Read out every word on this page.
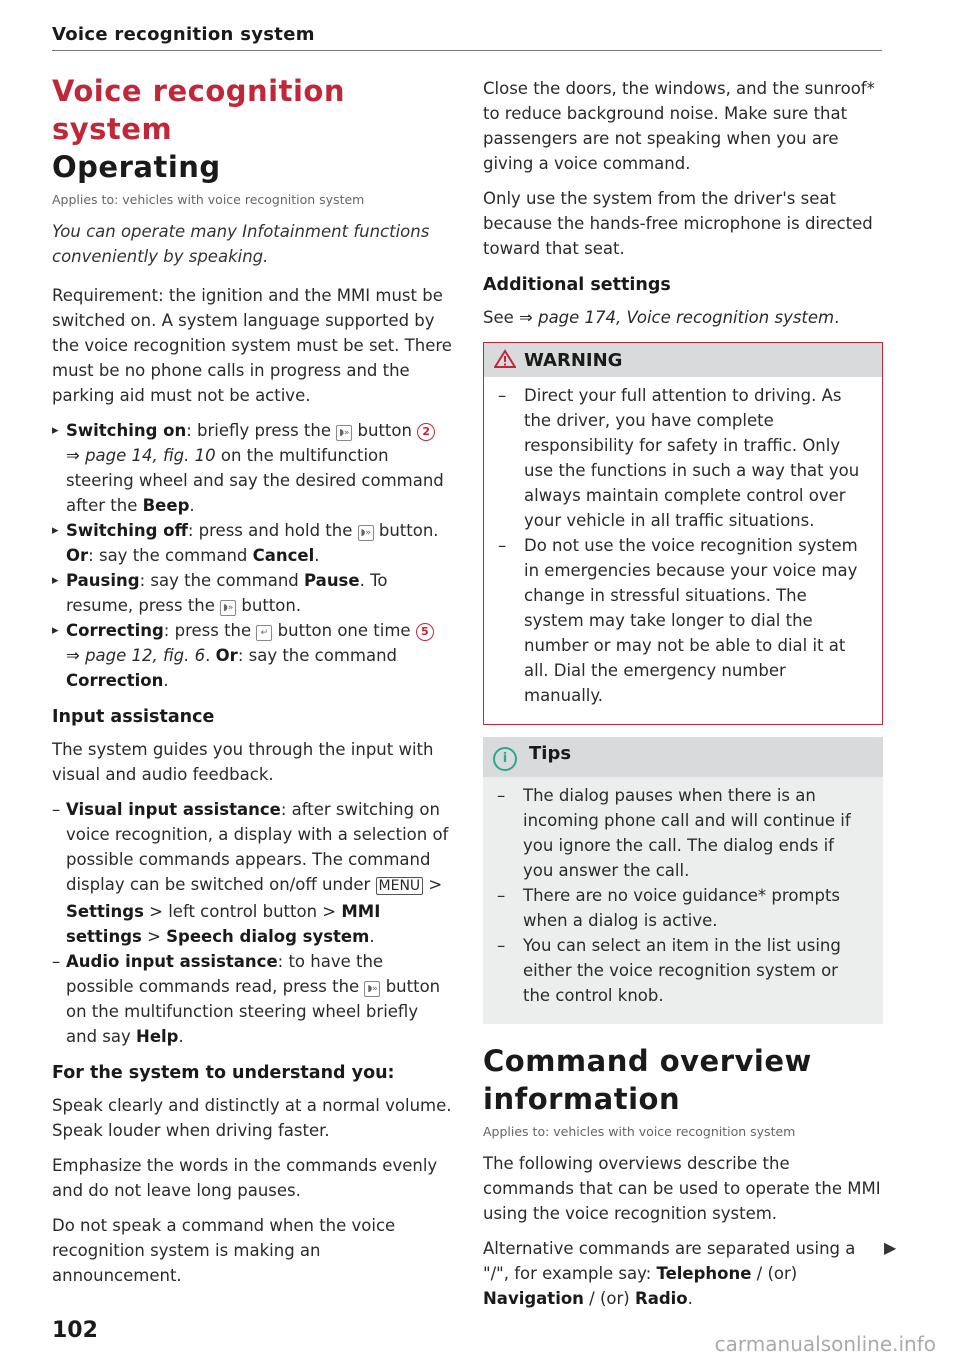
Voice recognition system
Voice recognition system
Operating
Applies to: vehicles with voice recognition system
You can operate many Infotainment functions conveniently by speaking.

Requirement: the ignition and the MMI must be switched on. A system language supported by the voice recognition system must be set. There must be no phone calls in progress and the parking aid must not be active.

▸ Switching on: briefly press the ◗» button 2 ⇒ page 14, fig. 10 on the multifunction steering wheel and say the desired command after the Beep.
▸ Switching off: press and hold the ◗» button.
Or: say the command Cancel.
▸ Pausing: say the command Pause. To resume, press the ◗» button.
▸ Correcting: press the ↵ button one time 5 ⇒ page 12, fig. 6. Or: say the command Correction.
Input assistance

The system guides you through the input with visual and audio feedback.

– Visual input assistance: after switching on voice recognition, a display with a selection of possible commands appears. The command display can be switched on/off under MENU > Settings > left control button > MMI settings > Speech dialog system.
– Audio input assistance: to have the possible commands read, press the ◗» button on the multifunction steering wheel briefly and say Help.
For the system to understand you:

Speak clearly and distinctly at a normal volume. Speak louder when driving faster.

Emphasize the words in the commands evenly and do not leave long pauses.

Do not speak a command when the voice recognition system is making an announcement.

Close the doors, the windows, and the sunroof* to reduce background noise. Make sure that passengers are not speaking when you are giving a voice command.

Only use the system from the driver's seat because the hands-free microphone is directed toward that seat.

Additional settings

See ⇒ page 174, Voice recognition system.

WARNING
– Direct your full attention to driving. As the driver, you have complete responsibility for safety in traffic. Only use the functions in such a way that you always maintain complete control over your vehicle in all traffic situations.
– Do not use the voice recognition system in emergencies because your voice may change in stressful situations. The system may take longer to dial the number or may not be able to dial it at all. Dial the emergency number manually.
i Tips
– The dialog pauses when there is an incoming phone call and will continue if you ignore the call. The dialog ends if you answer the call.
– There are no voice guidance* prompts when a dialog is active.
– You can select an item in the list using either the voice recognition system or the control knob.
Command overview information
Applies to: vehicles with voice recognition system

The following overviews describe the commands that can be used to operate the MMI using the voice recognition system.

Alternative commands are separated using a "/", for example say: Telephone / (or) Navigation / (or) Radio.

▶
102
carmanualsonline.info
